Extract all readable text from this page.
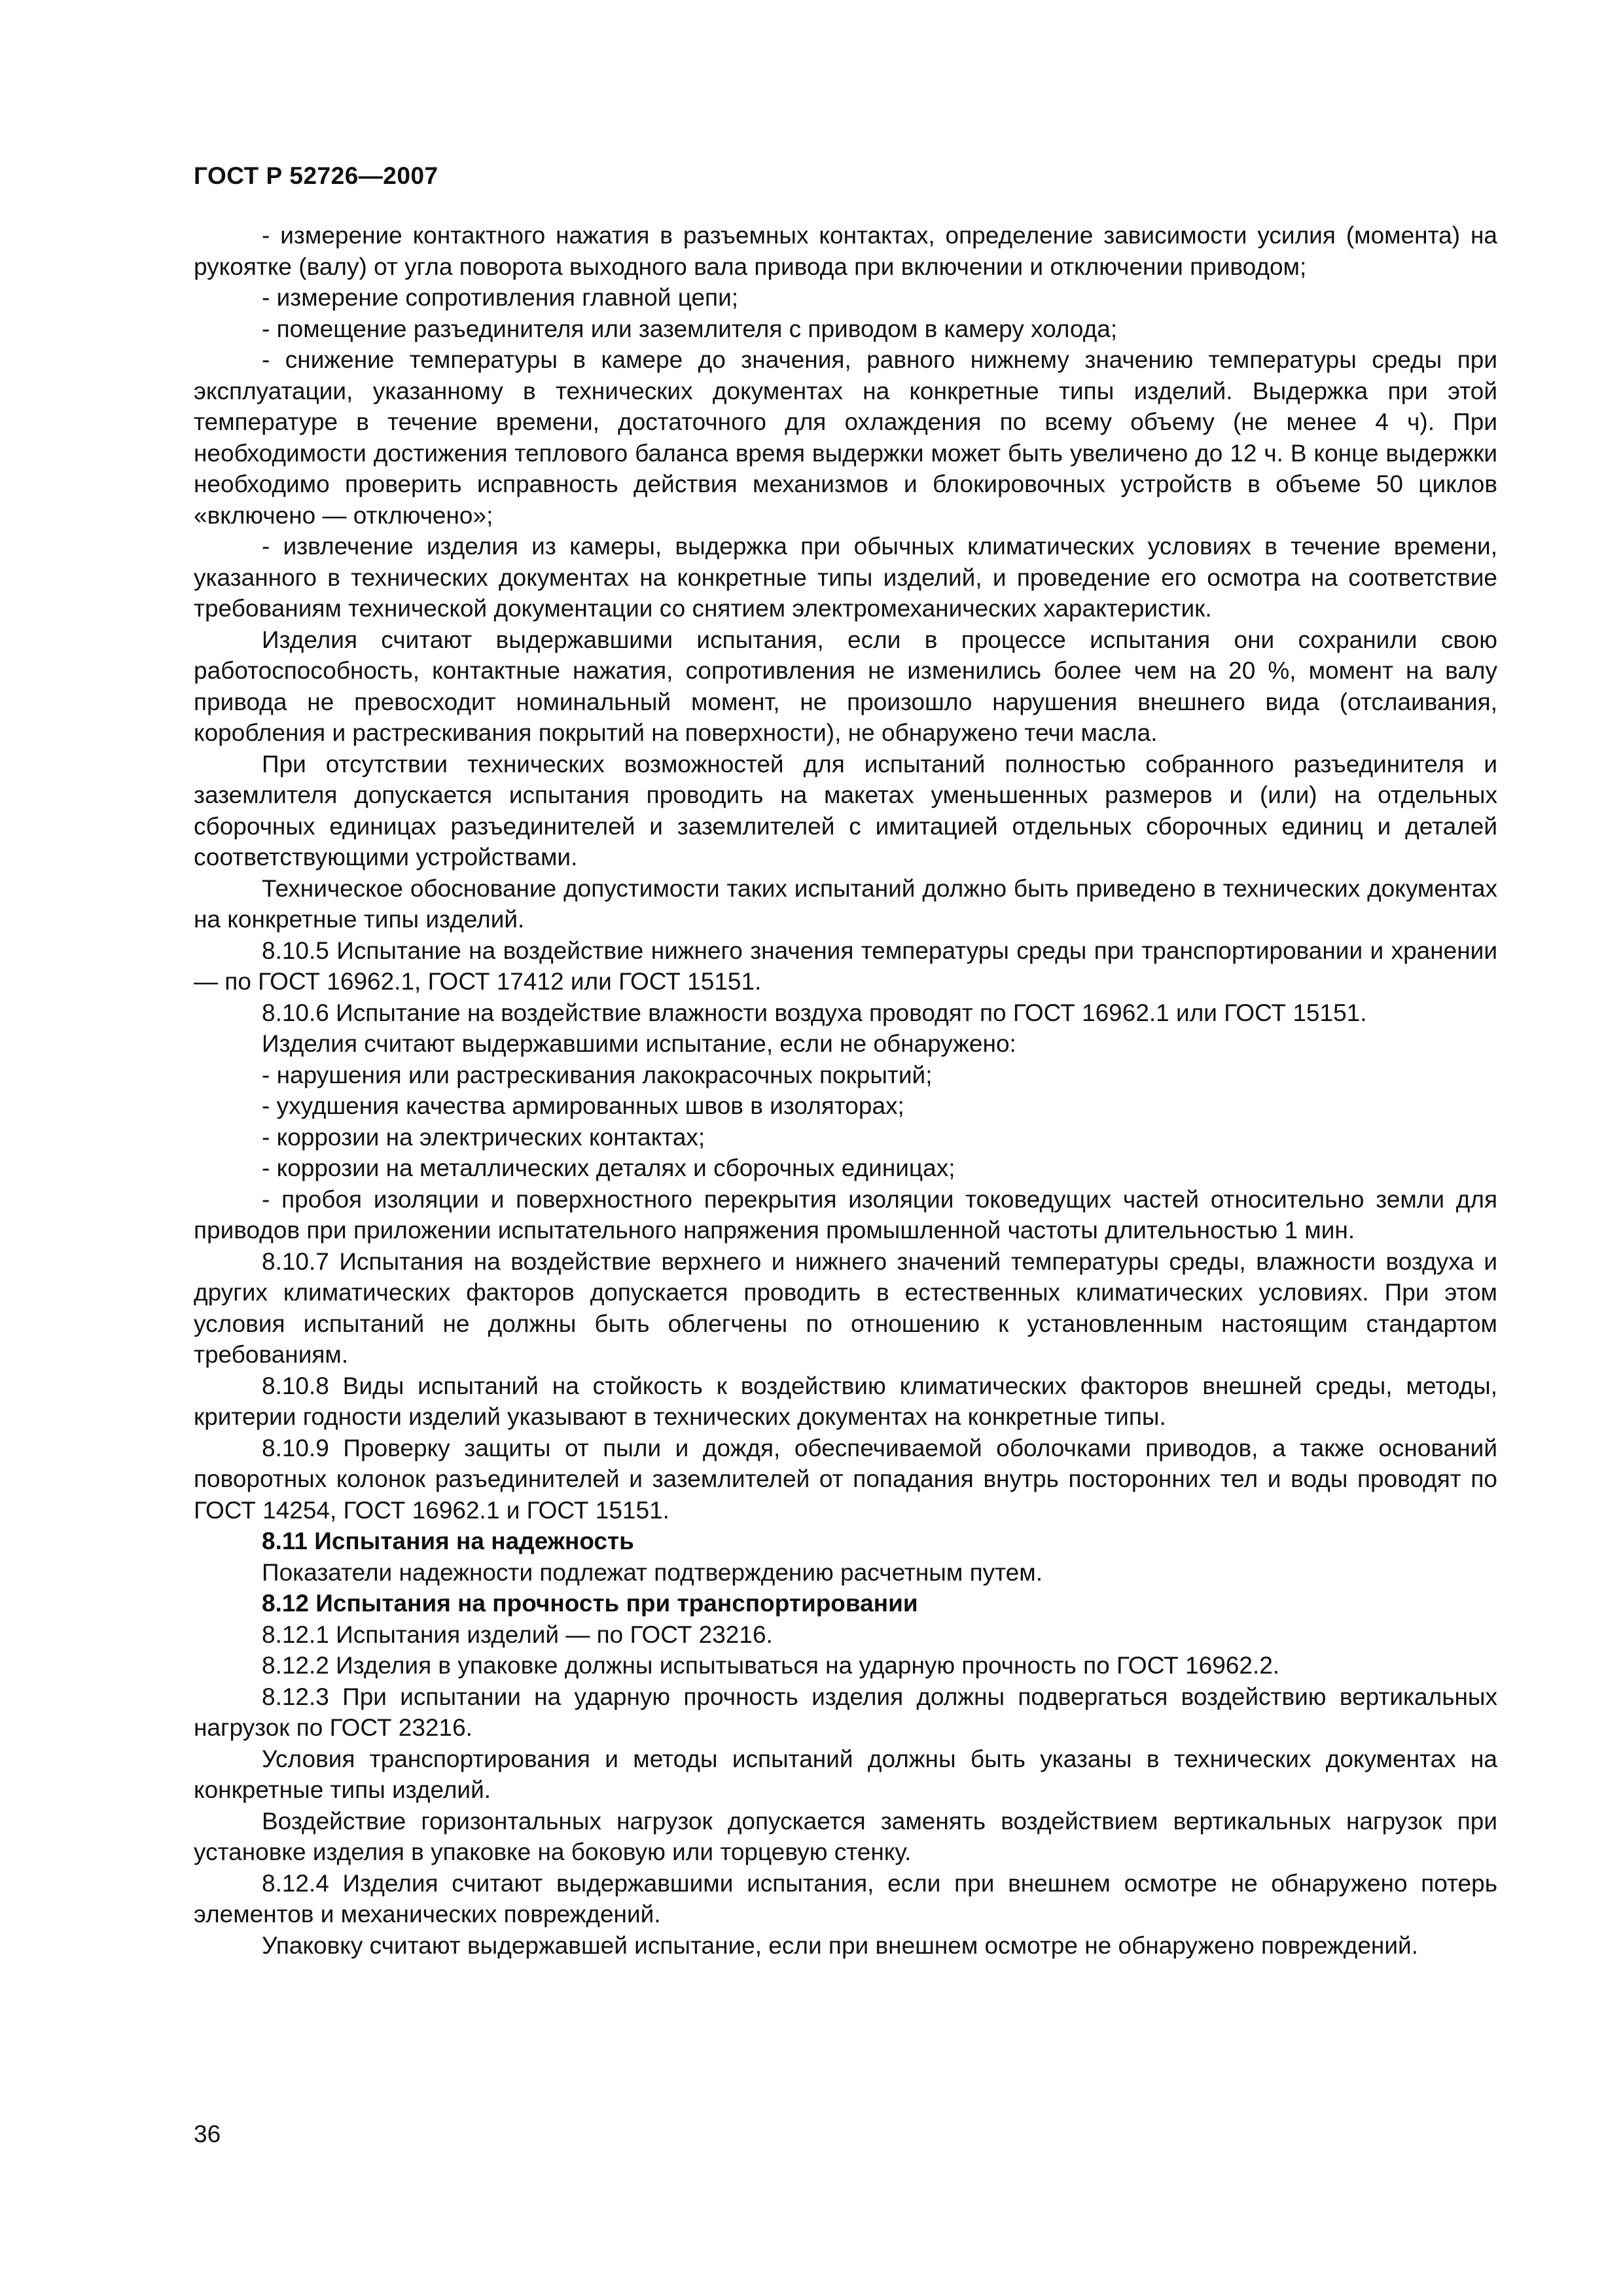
ГОСТ Р 52726—2007

- измерение контактного нажатия в разъемных контактах, определение зависимости усилия (момента) на рукоятке (валу) от угла поворота выходного вала привода при включении и отключении приводом;

- измерение сопротивления главной цепи;

- помещение разъединителя или заземлителя с приводом в камеру холода;

- снижение температуры в камере до значения, равного нижнему значению температуры среды при эксплуатации, указанному в технических документах на конкретные типы изделий. Выдержка при этой температуре в течение времени, достаточного для охлаждения по всему объему (не менее 4 ч). При необходимости достижения теплового баланса время выдержки может быть увеличено до 12 ч. В конце выдержки необходимо проверить исправность действия механизмов и блокировочных устройств в объеме 50 циклов «включено — отключено»;

- извлечение изделия из камеры, выдержка при обычных климатических условиях в течение времени, указанного в технических документах на конкретные типы изделий, и проведение его осмотра на соответствие требованиям технической документации со снятием электромеханических характеристик.

Изделия считают выдержавшими испытания, если в процессе испытания они сохранили свою работоспособность, контактные нажатия, сопротивления не изменились более чем на 20 %, момент на валу привода не превосходит номинальный момент, не произошло нарушения внешнего вида (отслаивания, коробления и растрескивания покрытий на поверхности), не обнаружено течи масла.

При отсутствии технических возможностей для испытаний полностью собранного разъединителя и заземлителя допускается испытания проводить на макетах уменьшенных размеров и (или) на отдельных сборочных единицах разъединителей и заземлителей с имитацией отдельных сборочных единиц и деталей соответствующими устройствами.

Техническое обоснование допустимости таких испытаний должно быть приведено в технических документах на конкретные типы изделий.

8.10.5 Испытание на воздействие нижнего значения температуры среды при транспортировании и хранении — по ГОСТ 16962.1, ГОСТ 17412 или ГОСТ 15151.

8.10.6 Испытание на воздействие влажности воздуха проводят по ГОСТ 16962.1 или ГОСТ 15151.

Изделия считают выдержавшими испытание, если не обнаружено:

- нарушения или растрескивания лакокрасочных покрытий;

- ухудшения качества армированных швов в изоляторах;

- коррозии на электрических контактах;

- коррозии на металлических деталях и сборочных единицах;

- пробоя изоляции и поверхностного перекрытия изоляции токоведущих частей относительно земли для приводов при приложении испытательного напряжения промышленной частоты длительностью 1 мин.

8.10.7 Испытания на воздействие верхнего и нижнего значений температуры среды, влажности воздуха и других климатических факторов допускается проводить в естественных климатических условиях. При этом условия испытаний не должны быть облегчены по отношению к установленным настоящим стандартом требованиям.

8.10.8 Виды испытаний на стойкость к воздействию климатических факторов внешней среды, методы, критерии годности изделий указывают в технических документах на конкретные типы.

8.10.9 Проверку защиты от пыли и дождя, обеспечиваемой оболочками приводов, а также оснований поворотных колонок разъединителей и заземлителей от попадания внутрь посторонних тел и воды проводят по ГОСТ 14254, ГОСТ 16962.1 и ГОСТ 15151.

8.11 Испытания на надежность

Показатели надежности подлежат подтверждению расчетным путем.

8.12 Испытания на прочность при транспортировании

8.12.1 Испытания изделий — по ГОСТ 23216.

8.12.2 Изделия в упаковке должны испытываться на ударную прочность по ГОСТ 16962.2.

8.12.3 При испытании на ударную прочность изделия должны подвергаться воздействию вертикальных нагрузок по ГОСТ 23216.

Условия транспортирования и методы испытаний должны быть указаны в технических документах на конкретные типы изделий.

Воздействие горизонтальных нагрузок допускается заменять воздействием вертикальных нагрузок при установке изделия в упаковке на боковую или торцевую стенку.

8.12.4 Изделия считают выдержавшими испытания, если при внешнем осмотре не обнаружено потерь элементов и механических повреждений.

Упаковку считают выдержавшей испытание, если при внешнем осмотре не обнаружено повреждений.

36
